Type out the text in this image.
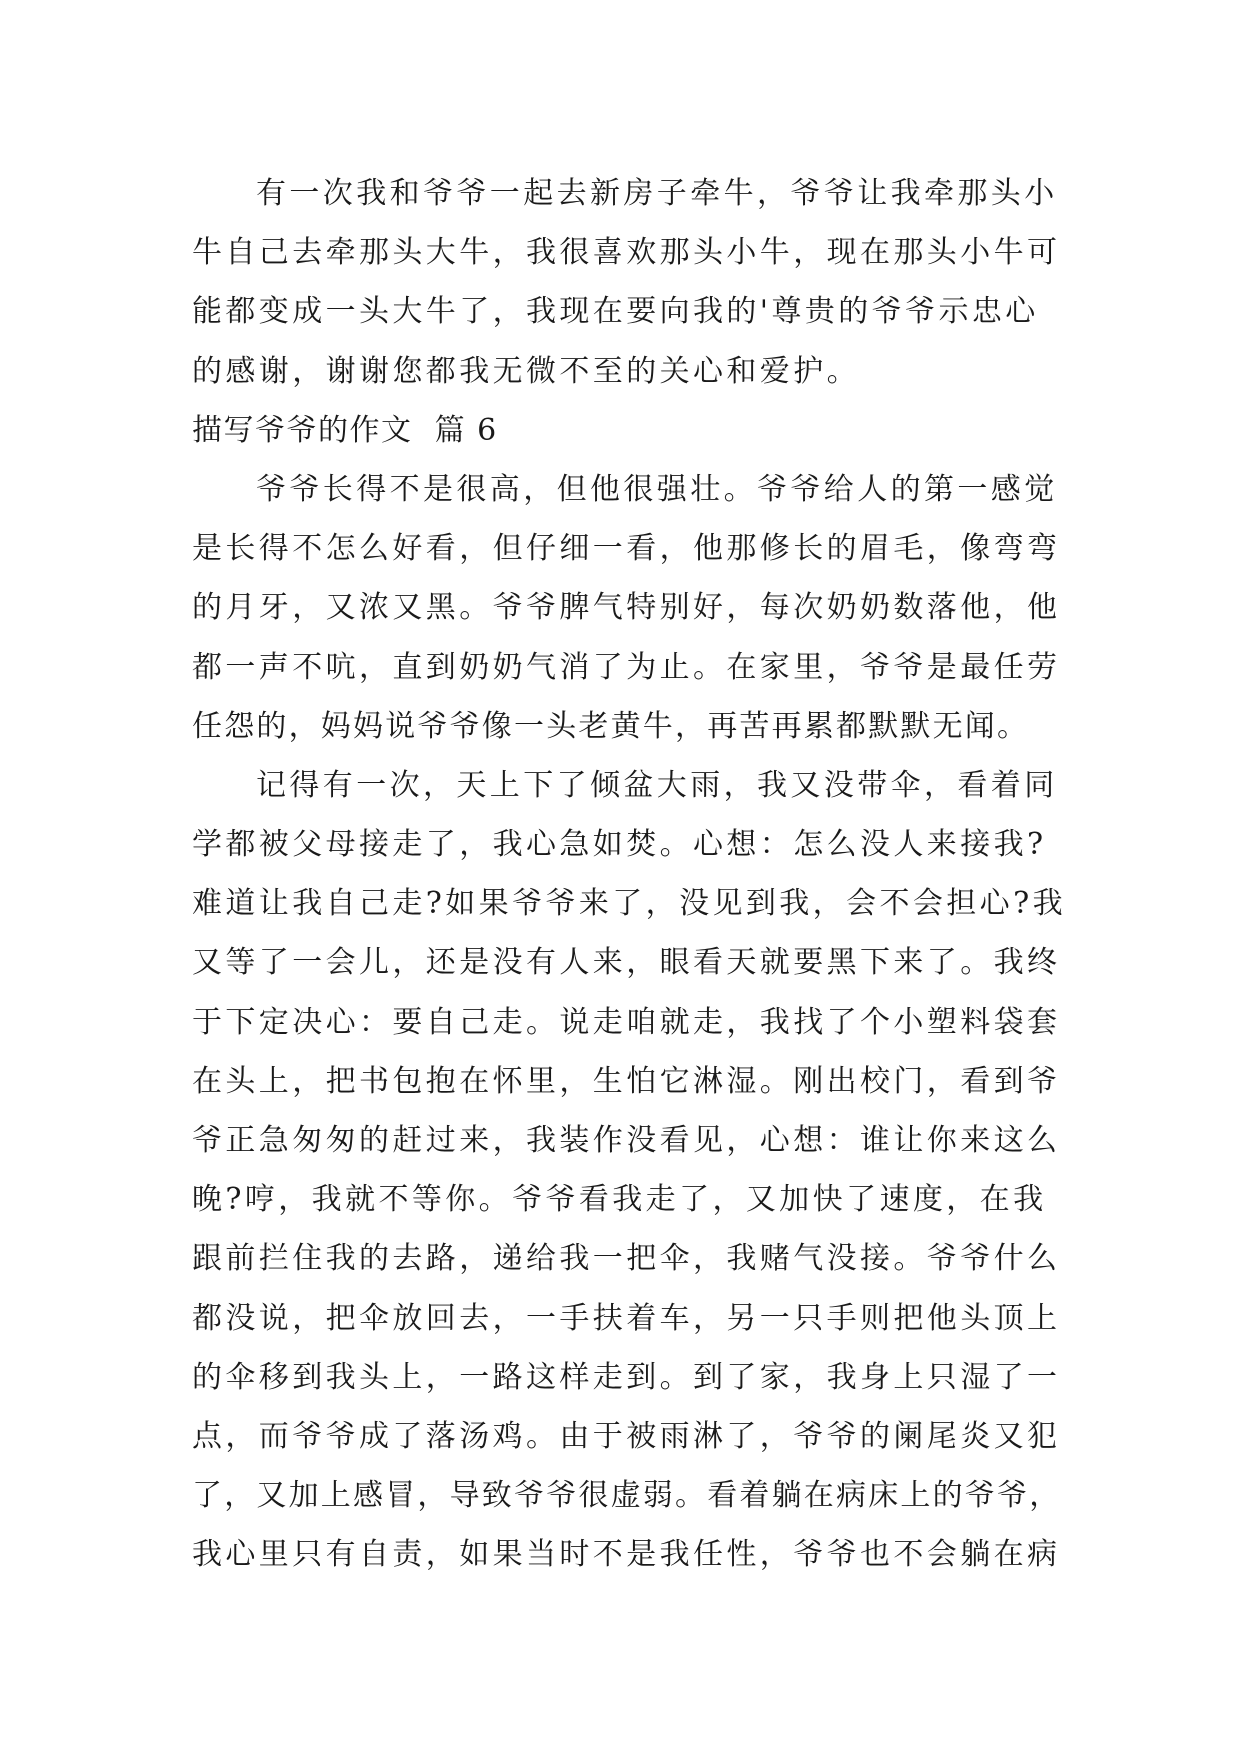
有一次我和爷爷一起去新房子牵牛，爷爷让我牵那头小
牛自己去牵那头大牛，我很喜欢那头小牛，现在那头小牛可
能都变成一头大牛了，我现在要向我的'尊贵的爷爷示忠心
的感谢，谢谢您都我无微不至的关心和爱护。
描写爷爷的作文  篇 6
爷爷长得不是很高，但他很强壮。爷爷给人的第一感觉
是长得不怎么好看，但仔细一看，他那修长的眉毛，像弯弯
的月牙，又浓又黑。爷爷脾气特别好，每次奶奶数落他，他
都一声不吭，直到奶奶气消了为止。在家里，爷爷是最任劳
任怨的，妈妈说爷爷像一头老黄牛，再苦再累都默默无闻。
记得有一次，天上下了倾盆大雨，我又没带伞，看着同
学都被父母接走了，我心急如焚。心想：怎么没人来接我?
难道让我自己走?如果爷爷来了，没见到我，会不会担心?我
又等了一会儿，还是没有人来，眼看天就要黑下来了。我终
于下定决心：要自己走。说走咱就走，我找了个小塑料袋套
在头上，把书包抱在怀里，生怕它淋湿。刚出校门，看到爷
爷正急匆匆的赶过来，我装作没看见，心想：谁让你来这么
晚?哼，我就不等你。爷爷看我走了，又加快了速度，在我
跟前拦住我的去路，递给我一把伞，我赌气没接。爷爷什么
都没说，把伞放回去，一手扶着车，另一只手则把他头顶上
的伞移到我头上，一路这样走到。到了家，我身上只湿了一
点，而爷爷成了落汤鸡。由于被雨淋了，爷爷的阑尾炎又犯
了，又加上感冒，导致爷爷很虚弱。看着躺在病床上的爷爷，
我心里只有自责，如果当时不是我任性，爷爷也不会躺在病
